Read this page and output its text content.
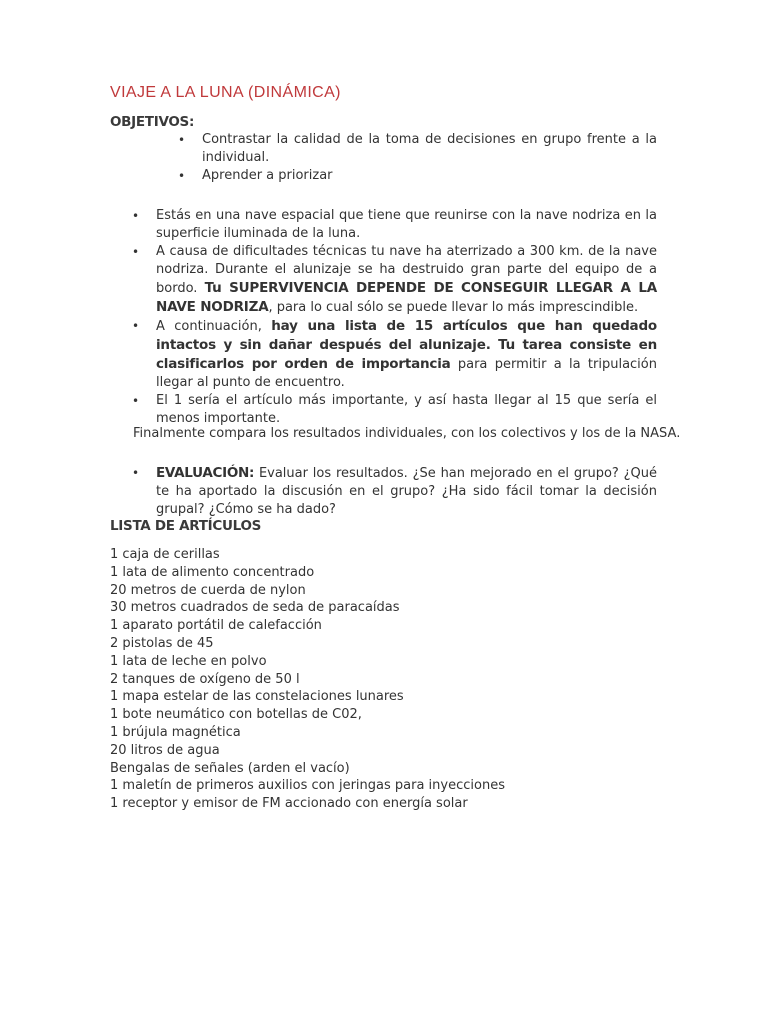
VIAJE A LA LUNA (DINÁMICA)
OBJETIVOS:
• Contrastar la calidad de la toma de decisiones en grupo frente a la individual.
• Aprender a priorizar
• Estás en una nave espacial que tiene que reunirse con la nave nodriza en la superficie iluminada de la luna.
• A causa de dificultades técnicas tu nave ha aterrizado a 300 km. de la nave nodriza. Durante el alunizaje se ha destruido gran parte del equipo de a bordo. Tu SUPERVIVENCIA DEPENDE DE CONSEGUIR LLEGAR A LA NAVE NODRIZA, para lo cual sólo se puede llevar lo más imprescindible.
• A continuación, hay una lista de 15 artículos que han quedado intactos y sin dañar después del alunizaje. Tu tarea consiste en clasificarlos por orden de importancia para permitir a la tripulación llegar al punto de encuentro.
• El 1 sería el artículo más importante, y así hasta llegar al 15 que sería el menos importante.

Finalmente compara los resultados individuales, con los colectivos y los de la NASA.

• EVALUACIÓN: Evaluar los resultados. ¿Se han mejorado en el grupo? ¿Qué te ha aportado la discusión en el grupo? ¿Ha sido fácil tomar la decisión grupal? ¿Cómo se ha dado?
LISTA DE ARTÍCULOS
1 caja de cerillas
1 lata de alimento concentrado
20 metros de cuerda de nylon
30 metros cuadrados de seda de paracaídas
1 aparato portátil de calefacción
2 pistolas de 45
1 lata de leche en polvo
2 tanques de oxígeno de 50 l
1 mapa estelar de las constelaciones lunares
1 bote neumático con botellas de C02,
1 brújula magnética
20 litros de agua
Bengalas de señales (arden el vacío)
1 maletín de primeros auxilios con jeringas para inyecciones
1 receptor y emisor de FM accionado con energía solar
